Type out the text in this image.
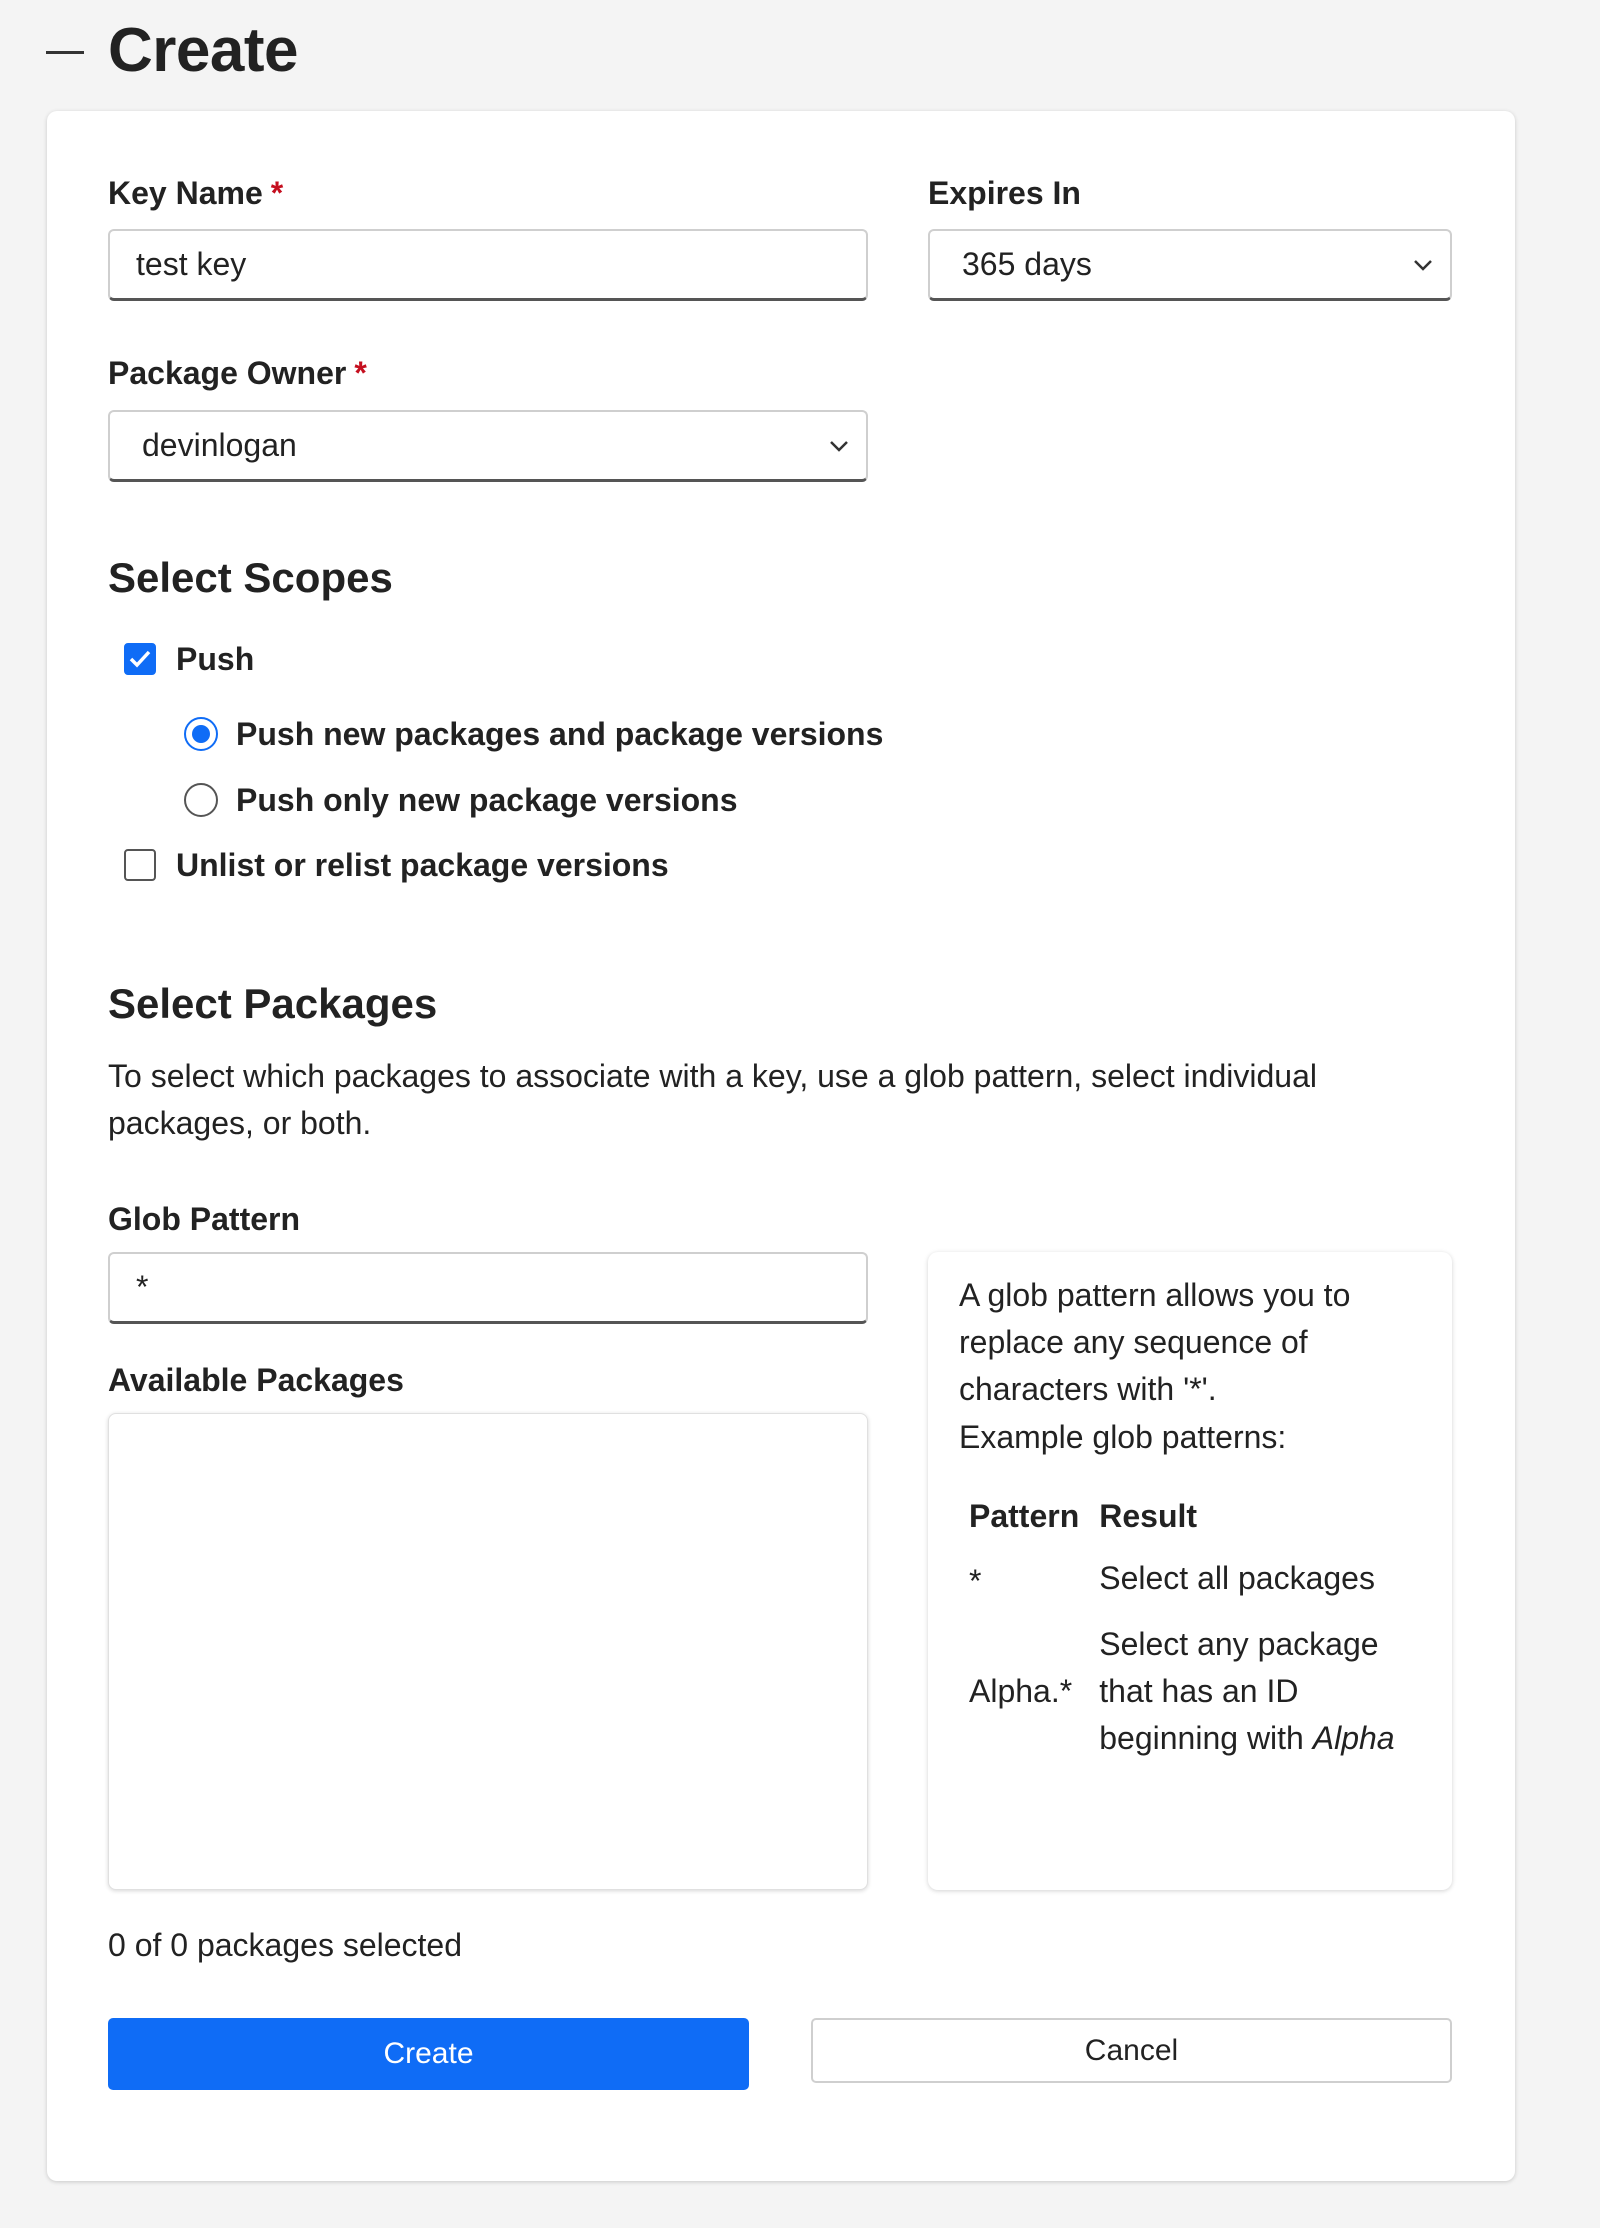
Create
Key Name *
test key
Expires In
365 days
Package Owner *
devinlogan
Select Scopes
Push
Push new packages and package versions
Push only new package versions
Unlist or relist package versions
Select Packages
To select which packages to associate with a key, use a glob pattern, select individual packages, or both.
Glob Pattern
*
Available Packages
A glob pattern allows you to replace any sequence of characters with '*'.
Example glob patterns:
Pattern	Result
*	Select all packages
Alpha.*	Select any package that has an ID beginning with Alpha
0 of 0 packages selected
Create	Cancel
